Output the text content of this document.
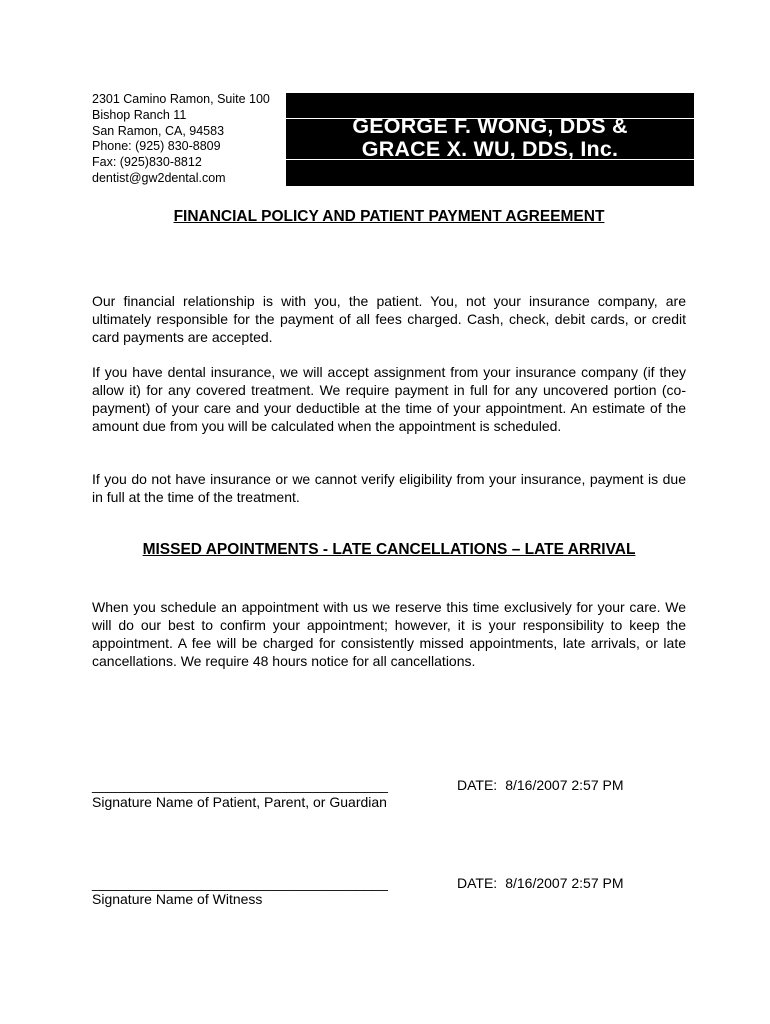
2301 Camino Ramon, Suite 100
Bishop Ranch 11
San Ramon, CA, 94583
Phone: (925) 830-8809
Fax: (925)830-8812
dentist@gw2dental.com
GEORGE F. WONG, DDS &
GRACE X. WU, DDS, Inc.
FINANCIAL POLICY AND PATIENT PAYMENT AGREEMENT
Our financial relationship is with you, the patient. You, not your insurance company, are ultimately responsible for the payment of all fees charged. Cash, check, debit cards, or credit card payments are accepted.
If you have dental insurance, we will accept assignment from your insurance company (if they allow it) for any covered treatment. We require payment in full for any uncovered portion (co-payment) of your care and your deductible at the time of your appointment. An estimate of the amount due from you will be calculated when the appointment is scheduled.
If you do not have insurance or we cannot verify eligibility from your insurance, payment is due in full at the time of the treatment.
MISSED APOINTMENTS - LATE CANCELLATIONS – LATE ARRIVAL
When you schedule an appointment with us we reserve this time exclusively for your care. We will do our best to confirm your appointment; however, it is your responsibility to keep the appointment. A fee will be charged for consistently missed appointments, late arrivals, or late cancellations. We require 48 hours notice for all cancellations.
______________________________________
Signature Name of Patient, Parent, or Guardian
DATE: 8/16/2007 2:57 PM
______________________________________
Signature Name of Witness
DATE: 8/16/2007 2:57 PM
